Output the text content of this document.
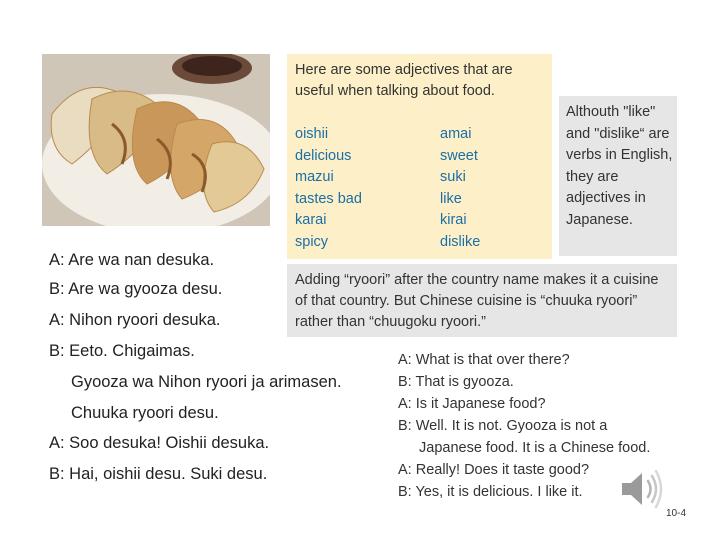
Here are some adjectives that are useful when talking about food.
oishii
delicious
mazui
tastes bad
karai
spicy
amai
sweet
suki
like
kirai
dislike
Althouth "like" and "dislike“ are verbs in English, they are adjectives in Japanese.
Adding “ryoori” after the country name makes it a cuisine of that country. But Chinese cuisine is “chuuka ryoori” rather than “chuugoku ryoori.”
A: Are wa nan desuka.
B: Are wa gyooza desu.
A: Nihon ryoori desuka.
B: Eeto. Chigaimas.
Gyooza wa Nihon ryoori ja arimasen.
Chuuka ryoori desu.
A: Soo desuka! Oishii desuka.
B: Hai, oishii desu. Suki desu.
A: What is that over there?
B: That is gyooza.
A: Is it Japanese food?
B: Well. It is not. Gyooza is not a
Japanese food. It is a Chinese food.
A: Really! Does it taste good?
B: Yes, it is delicious. I like it.
10-4
